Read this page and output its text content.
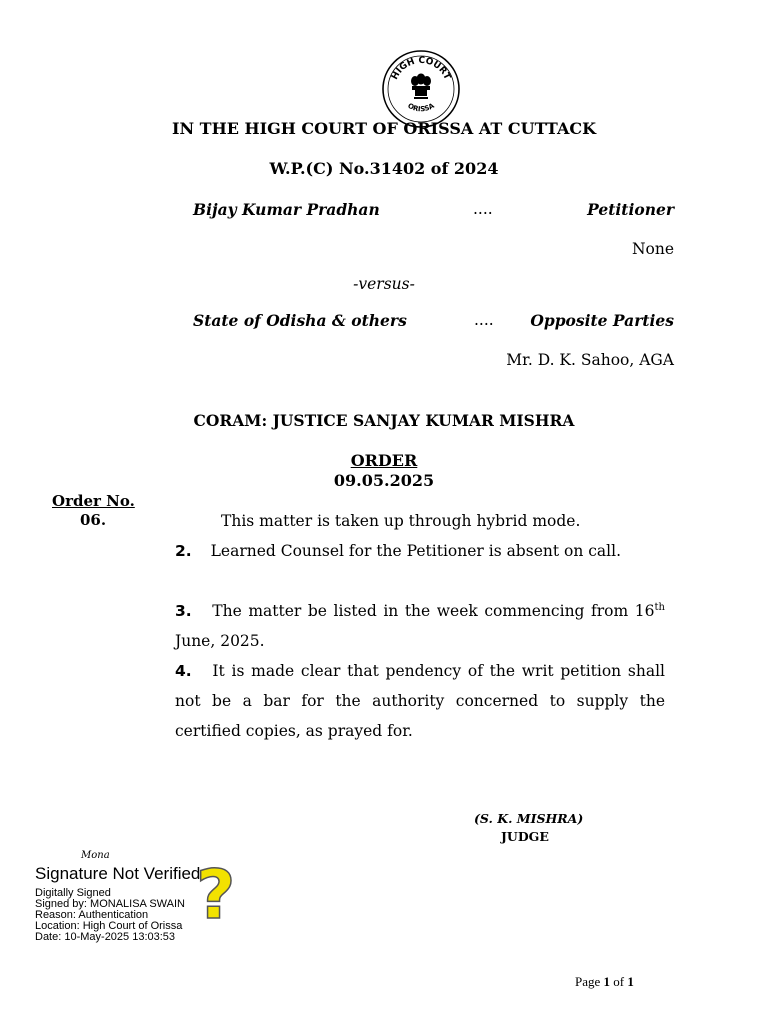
HIGH COURT
ORISSA
IN THE HIGH COURT OF ORISSA AT CUTTACK
W.P.(C) No.31402 of 2024
Bijay Kumar Pradhan	....	Petitioner
None
-versus-
State of Odisha & others	.... Opposite Parties
Mr. D. K. Sahoo, AGA
CORAM: JUSTICE SANJAY KUMAR MISHRA
ORDER
09.05.2025
Order No.
06.	This matter is taken up through hybrid mode.
2. Learned Counsel for the Petitioner is absent on call.
3. The matter be listed in the week commencing from 16th June, 2025.
4. It is made clear that pendency of the writ petition shall not be a bar for the authority concerned to supply the certified copies, as prayed for.
(S. K. MISHRA)
JUDGE
Mona
Signature Not Verified
Digitally Signed
Signed by: MONALISA SWAIN
Reason: Authentication
Location: High Court of Orissa
Date: 10-May-2025 13:03:53
?
Page 1 of 1
